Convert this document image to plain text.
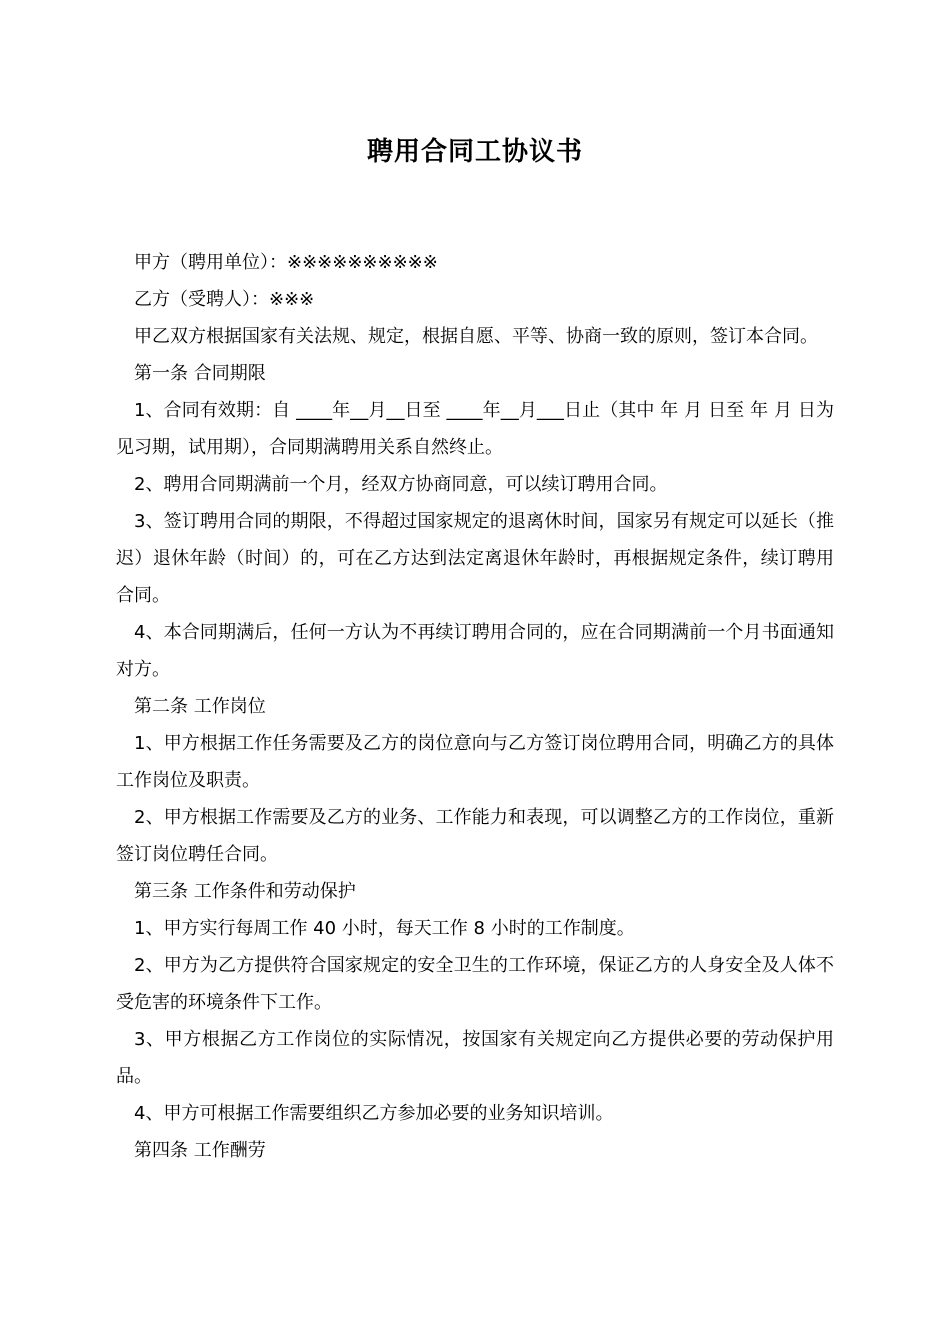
聘用合同工协议书

甲方（聘用单位）：※※※※※※※※※※

乙方（受聘人）：※※※

甲乙双方根据国家有关法规、规定，根据自愿、平等、协商一致的原则，签订本合同。

第一条 合同期限

1、合同有效期：自 ____年__月__日至 ____年__月___日止（其中 年 月 日至 年 月 日为见习期，试用期），合同期满聘用关系自然终止。

2、聘用合同期满前一个月，经双方协商同意，可以续订聘用合同。

3、签订聘用合同的期限，不得超过国家规定的退离休时间，国家另有规定可以延长（推迟）退休年龄（时间）的，可在乙方达到法定离退休年龄时，再根据规定条件，续订聘用合同。

4、本合同期满后，任何一方认为不再续订聘用合同的，应在合同期满前一个月书面通知对方。

第二条 工作岗位

1、甲方根据工作任务需要及乙方的岗位意向与乙方签订岗位聘用合同，明确乙方的具体工作岗位及职责。

2、甲方根据工作需要及乙方的业务、工作能力和表现，可以调整乙方的工作岗位，重新签订岗位聘任合同。

第三条 工作条件和劳动保护

1、甲方实行每周工作 40 小时，每天工作 8 小时的工作制度。

2、甲方为乙方提供符合国家规定的安全卫生的工作环境，保证乙方的人身安全及人体不受危害的环境条件下工作。

3、甲方根据乙方工作岗位的实际情况，按国家有关规定向乙方提供必要的劳动保护用品。

4、甲方可根据工作需要组织乙方参加必要的业务知识培训。

第四条 工作酬劳
